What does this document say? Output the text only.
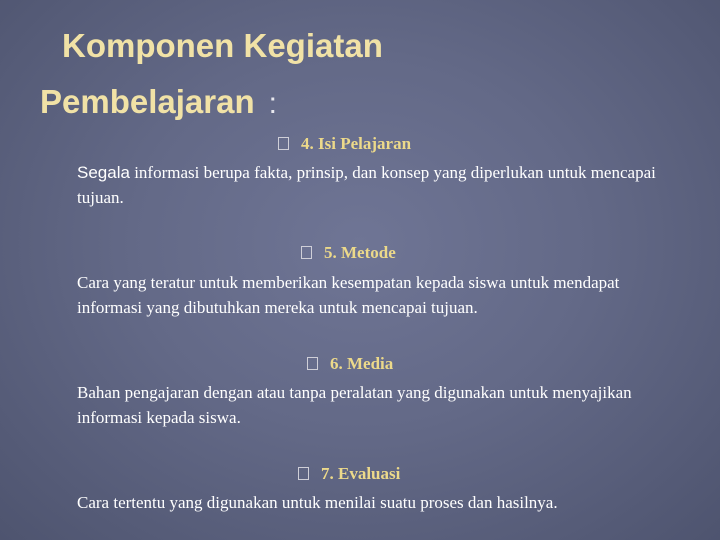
Komponen Kegiatan
Pembelajaran :
4. Isi Pelajaran
Segala informasi berupa fakta, prinsip, dan konsep yang diperlukan untuk mencapai tujuan.
5. Metode
Cara yang teratur untuk memberikan kesempatan kepada siswa untuk mendapat informasi yang dibutuhkan mereka untuk mencapai tujuan.
6. Media
Bahan pengajaran dengan atau tanpa peralatan yang digunakan untuk menyajikan informasi kepada siswa.
7. Evaluasi
Cara tertentu yang digunakan untuk menilai suatu proses dan hasilnya.
